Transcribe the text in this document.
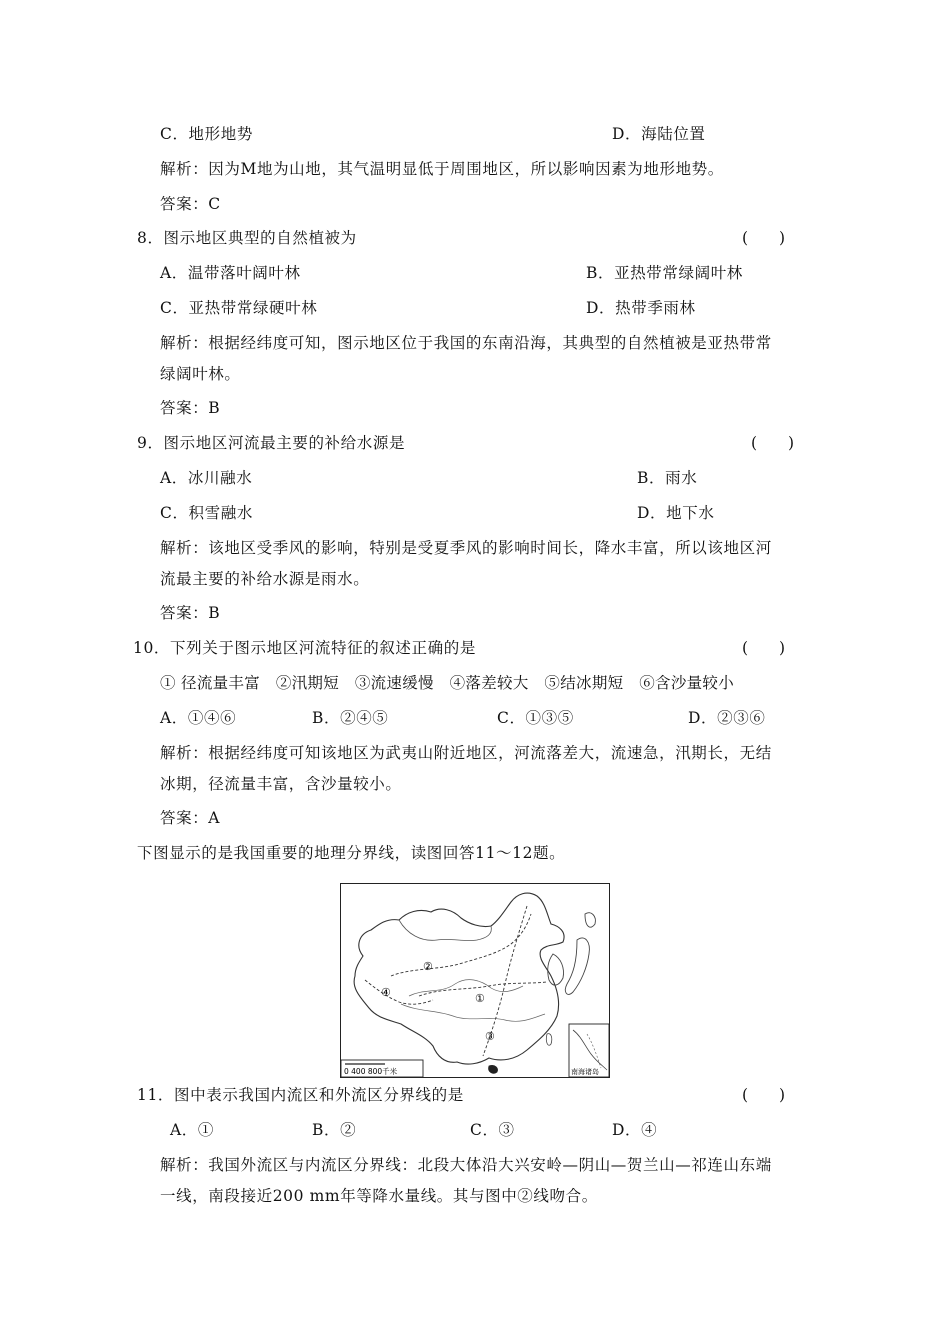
C．地形地势	D．海陆位置
解析：因为M地为山地，其气温明显低于周围地区，所以影响因素为地形地势。
答案：C
8．图示地区典型的自然植被为	(　　)
A．温带落叶阔叶林	B．亚热带常绿阔叶林
C．亚热带常绿硬叶林	D．热带季雨林
解析：根据经纬度可知，图示地区位于我国的东南沿海，其典型的自然植被是亚热带常
绿阔叶林。
答案：B
9．图示地区河流最主要的补给水源是	(　　)
A．冰川融水	B．雨水
C．积雪融水	D．地下水
解析：该地区受季风的影响，特别是受夏季风的影响时间长，降水丰富，所以该地区河
流最主要的补给水源是雨水。
答案：B
10．下列关于图示地区河流特征的叙述正确的是	(　　)
① 径流量丰富　②汛期短　③流速缓慢　④落差较大　⑤结冰期短　⑥含沙量较小
A．①④⑥	B．②④⑤	C．①③⑤	D．②③⑥
解析：根据经纬度可知该地区为武夷山附近地区，河流落差大，流速急，汛期长，无结
冰期，径流量丰富，含沙量较小。
答案：A
下图显示的是我国重要的地理分界线，读图回答11～12题。
②
①
③
④
0 400 800千米	南海诸岛
11．图中表示我国内流区和外流区分界线的是	(　　)
A．①	B．②	C．③	D．④
解析：我国外流区与内流区分界线：北段大体沿大兴安岭—阴山—贺兰山—祁连山东端
一线，南段接近200 mm年等降水量线。其与图中②线吻合。
